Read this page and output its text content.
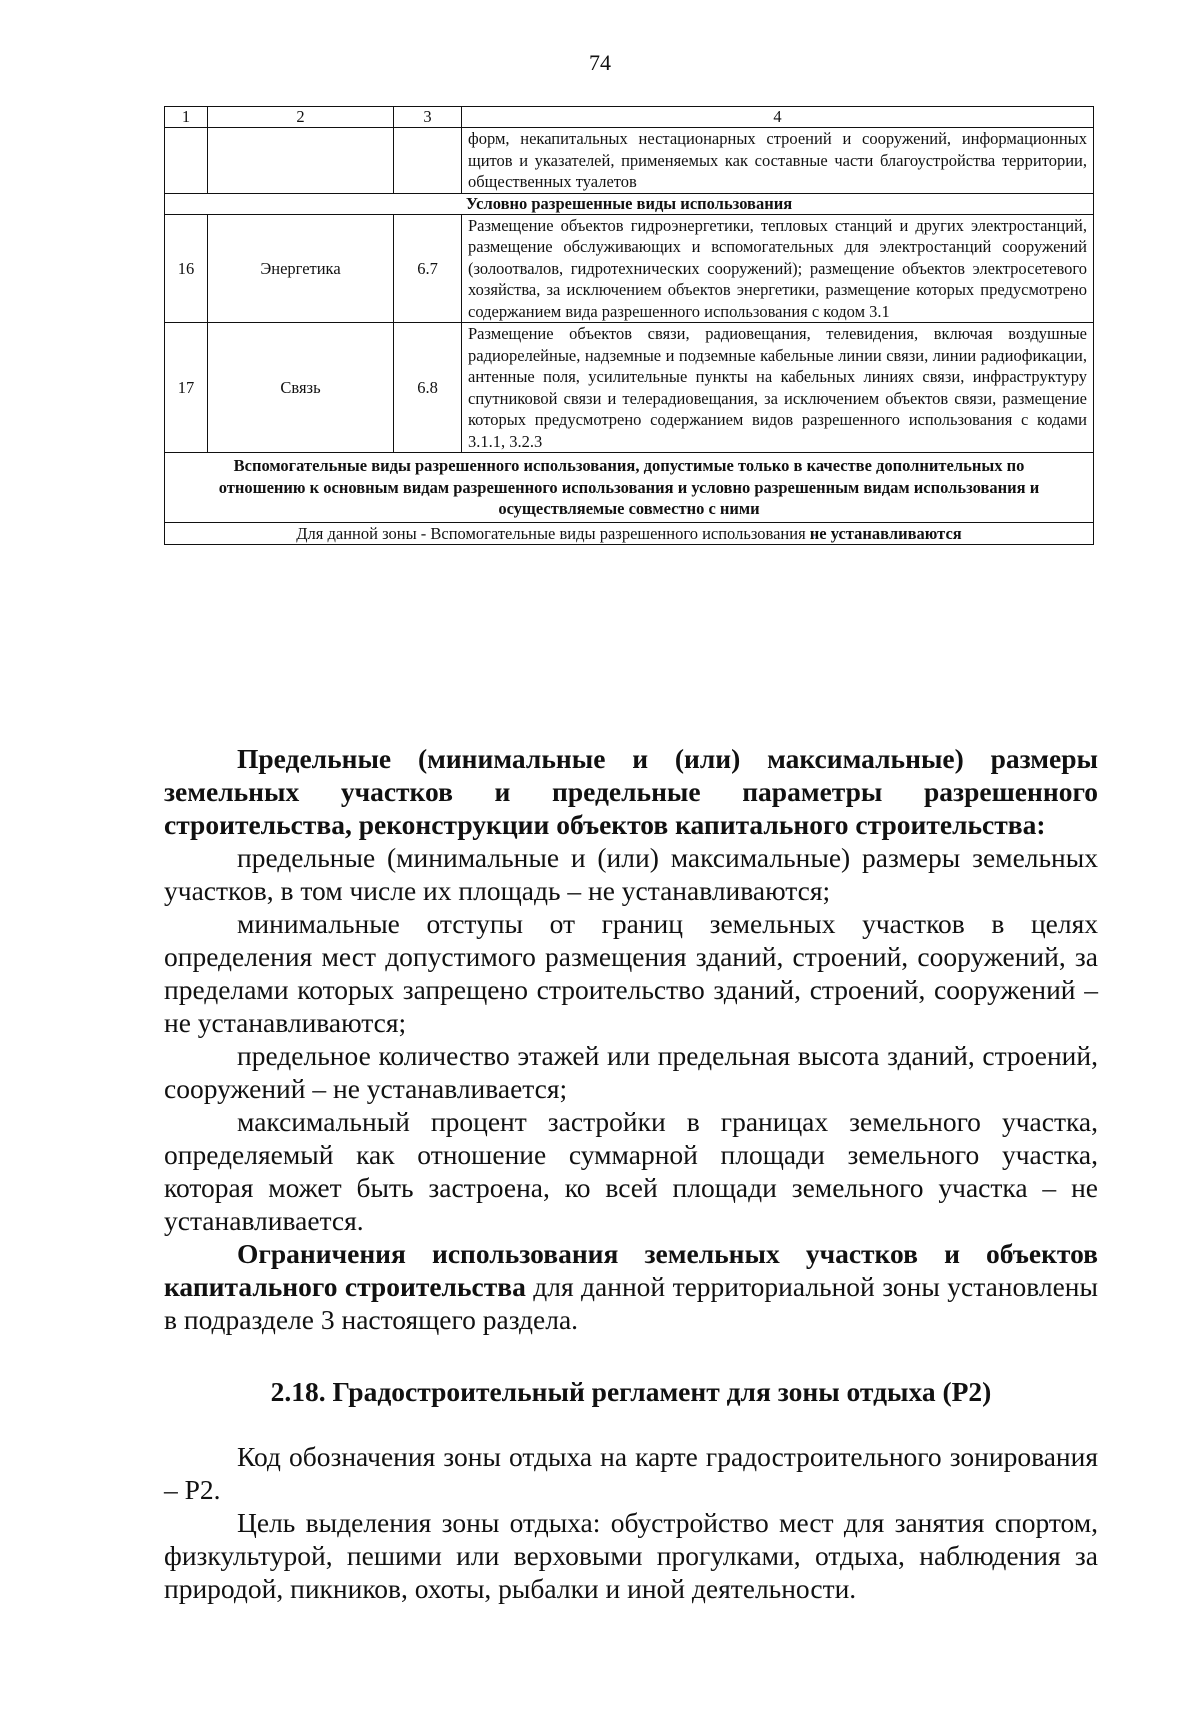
74
1	2	3	4
			форм, некапитальных нестационарных строений и сооружений, информационных щитов и указателей, применяемых как составные части благоустройства территории, общественных туалетов
Условно разрешенные виды использования			
16	Энергетика	6.7	Размещение объектов гидроэнергетики, тепловых станций и других электростанций, размещение обслуживающих и вспомогательных для электростанций сооружений (золоотвалов, гидротехнических сооружений); размещение объектов электросетевого хозяйства, за исключением объектов энергетики, размещение которых предусмотрено содержанием вида разрешенного использования с кодом 3.1
17	Связь	6.8	Размещение объектов связи, радиовещания, телевидения, включая воздушные радиорелейные, надземные и подземные кабельные линии связи, линии радиофикации, антенные поля, усилительные пункты на кабельных линиях связи, инфраструктуру спутниковой связи и телерадиовещания, за исключением объектов связи, размещение которых предусмотрено содержанием видов разрешенного использования с кодами 3.1.1, 3.2.3
Вспомогательные виды разрешенного использования, допустимые только в качестве дополнительных по отношению к основным видам разрешенного использования и условно разрешенным видам использования и осуществляемые совместно с ними			
Для данной зоны - Вспомогательные виды разрешенного использования не устанавливаются			

Предельные (минимальные и (или) максимальные) размеры земельных участков и предельные параметры разрешенного строительства, реконструкции объектов капитального строительства:

предельные (минимальные и (или) максимальные) размеры земельных участков, в том числе их площадь – не устанавливаются;

минимальные отступы от границ земельных участков в целях определения мест допустимого размещения зданий, строений, сооружений, за пределами которых запрещено строительство зданий, строений, сооружений – не устанавливаются;

предельное количество этажей или предельная высота зданий, строений, сооружений – не устанавливается;

максимальный процент застройки в границах земельного участка, определяемый как отношение суммарной площади земельного участка, которая может быть застроена, ко всей площади земельного участка – не устанавливается.

Ограничения использования земельных участков и объектов капитального строительства для данной территориальной зоны установлены в подразделе 3 настоящего раздела.

2.18. Градостроительный регламент для зоны отдыха (Р2)

Код обозначения зоны отдыха на карте градостроительного зонирования – Р2.

Цель выделения зоны отдыха: обустройство мест для занятия спортом, физкультурой, пешими или верховыми прогулками, отдыха, наблюдения за природой, пикников, охоты, рыбалки и иной деятельности.
